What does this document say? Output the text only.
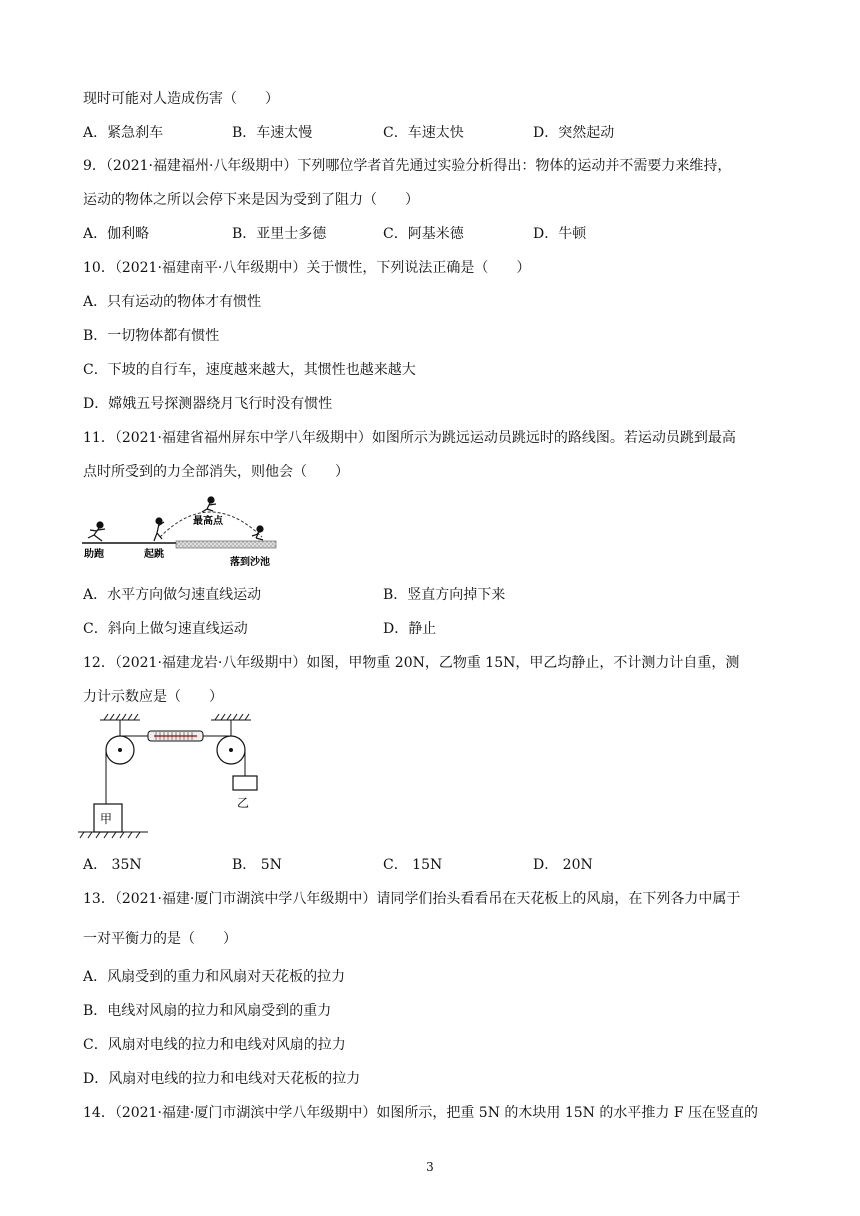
现时可能对人造成伤害（　　）
A．紧急刹车	B．车速太慢	C．车速太快	D．突然起动
9．（2021·福建福州·八年级期中）下列哪位学者首先通过实验分析得出：物体的运动并不需要力来维持，
运动的物体之所以会停下来是因为受到了阻力（　　）
A．伽利略	B．亚里士多德	C．阿基米德	D．牛顿
10．（2021·福建南平·八年级期中）关于惯性，下列说法正确是（　　）
A．只有运动的物体才有惯性
B．一切物体都有惯性
C．下坡的自行车，速度越来越大，其惯性也越来越大
D．嫦娥五号探测器绕月飞行时没有惯性
11．（2021·福建省福州屏东中学八年级期中）如图所示为跳远运动员跳远时的路线图。若运动员跳到最高
点时所受到的力全部消失，则他会（　　）
助跑	起跳
最高点
落到沙池
A．水平方向做匀速直线运动	B．竖直方向掉下来
C．斜向上做匀速直线运动	D．静止
12．（2021·福建龙岩·八年级期中）如图，甲物重 20N，乙物重 15N，甲乙均静止，不计测力计自重，测
力计示数应是（　　）
甲
乙
A． 35N	B． 5N	C． 15N	D． 20N
13．（2021·福建·厦门市湖滨中学八年级期中）请同学们抬头看看吊在天花板上的风扇，在下列各力中属于
一对平衡力的是（　　）
A．风扇受到的重力和风扇对天花板的拉力
B．电线对风扇的拉力和风扇受到的重力
C．风扇对电线的拉力和电线对风扇的拉力
D．风扇对电线的拉力和电线对天花板的拉力
14．（2021·福建·厦门市湖滨中学八年级期中）如图所示，把重 5N 的木块用 15N 的水平推力 F 压在竖直的
3
